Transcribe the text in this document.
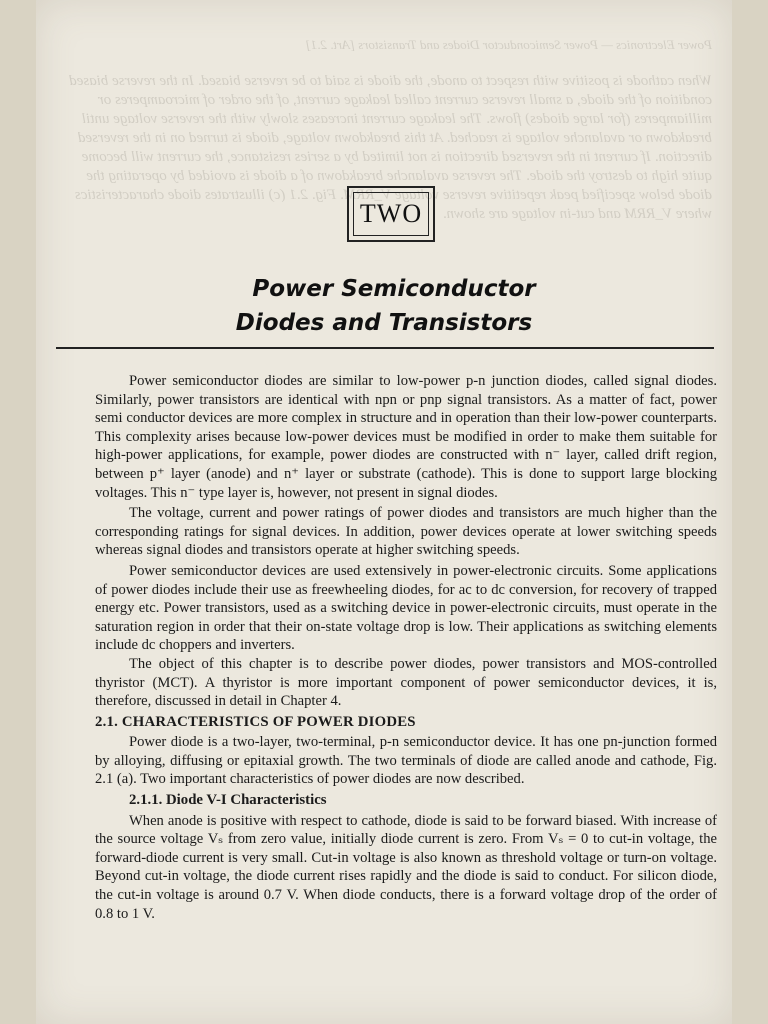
Power Electronics — Power Semiconductor Diodes and Transistors [Art. 2.1]
When cathode is positive with respect to anode, the diode is said to be reverse biased. In the reverse biased condition of the diode, a small reverse current called leakage current, of the order of microamperes or milliamperes (for large diodes) flows. The leakage current increases slowly with the reverse voltage until breakdown or avalanche voltage is reached. At this breakdown voltage, diode is turned on in the reversed direction. If current in the reversed direction is not limited by a series resistance, the current will become quite high to destroy the diode. The reverse avalanche breakdown of a diode is avoided by operating the diode below specified peak repetitive reverse voltage V_RRM. Fig. 2.1 (c) illustrates diode characteristics where V_RRM and cut-in voltage are shown.
TWO
Power Semiconductor
Diodes and Transistors

Power semiconductor diodes are similar to low-power p-n junction diodes, called signal diodes. Similarly, power transistors are identical with npn or pnp signal transistors. As a matter of fact, power semi conductor devices are more complex in structure and in operation than their low-power counterparts. This complexity arises because low-power devices must be modified in order to make them suitable for high-power applications, for example, power diodes are constructed with n⁻ layer, called drift region, between p⁺ layer (anode) and n⁺ layer or substrate (cathode). This is done to support large blocking voltages. This n⁻ type layer is, however, not present in signal diodes.

The voltage, current and power ratings of power diodes and transistors are much higher than the corresponding ratings for signal devices. In addition, power devices operate at lower switching speeds whereas signal diodes and transistors operate at higher switching speeds.

Power semiconductor devices are used extensively in power-electronic circuits. Some applications of power diodes include their use as freewheeling diodes, for ac to dc conversion, for recovery of trapped energy etc. Power transistors, used as a switching device in power-electronic circuits, must operate in the saturation region in order that their on-state voltage drop is low. Their applications as switching elements include dc choppers and inverters.

The object of this chapter is to describe power diodes, power transistors and MOS-controlled thyristor (MCT). A thyristor is more important component of power semiconductor devices, it is, therefore, discussed in detail in Chapter 4.

2.1. CHARACTERISTICS OF POWER DIODES

Power diode is a two-layer, two-terminal, p-n semiconductor device. It has one pn-junction formed by alloying, diffusing or epitaxial growth. The two terminals of diode are called anode and cathode, Fig. 2.1 (a). Two important characteristics of power diodes are now described.

2.1.1. Diode V-I Characteristics

When anode is positive with respect to cathode, diode is said to be forward biased. With increase of the source voltage Vₛ from zero value, initially diode current is zero. From Vₛ = 0 to cut-in voltage, the forward-diode current is very small. Cut-in voltage is also known as threshold voltage or turn-on voltage. Beyond cut-in voltage, the diode current rises rapidly and the diode is said to conduct. For silicon diode, the cut-in voltage is around 0.7 V. When diode conducts, there is a forward voltage drop of the order of 0.8 to 1 V.
